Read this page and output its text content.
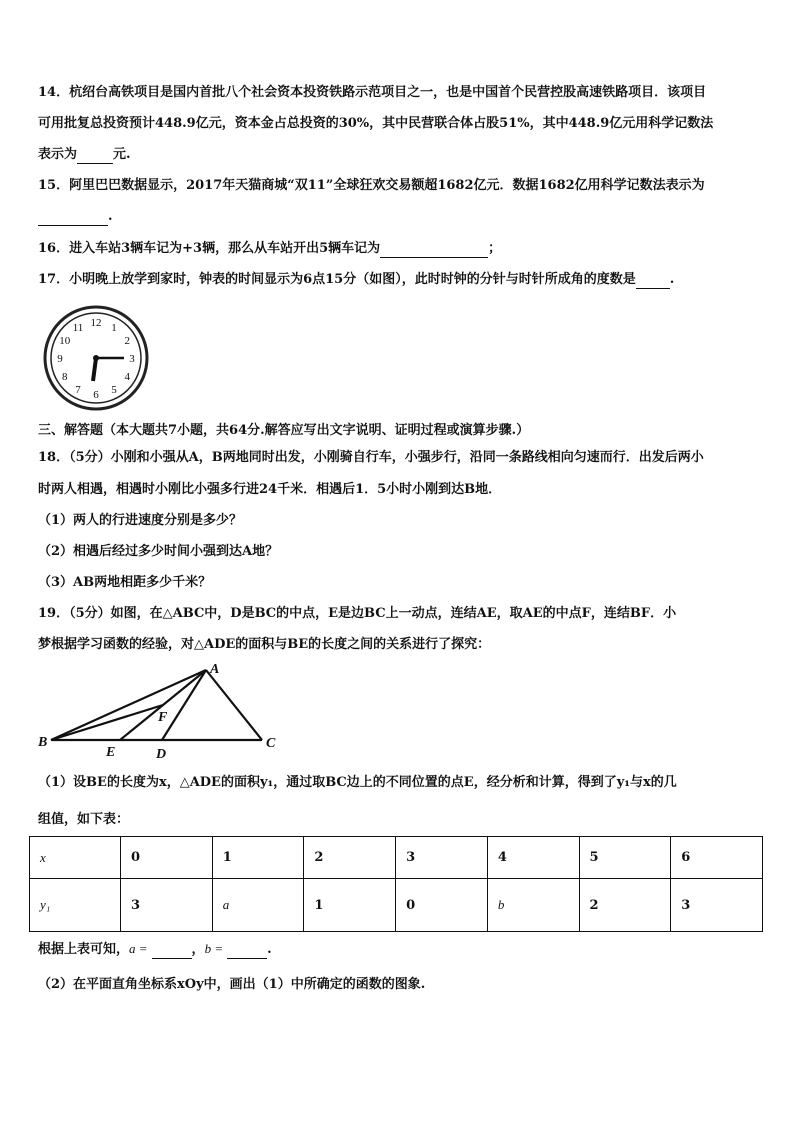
14．杭绍台高铁项目是国内首批八个社会资本投资铁路示范项目之一，也是中国首个民营控股高速铁路项目．该项目
可用批复总投资预计448.9亿元，资本金占总投资的30%，其中民营联合体占股51%，其中448.9亿元用科学记数法
表示为	元.
15．阿里巴巴数据显示，2017年天猫商城“双11”全球狂欢交易额超1682亿元．数据1682亿用科学记数法表示为
.
16．进入车站3辆车记为+3辆，那么从车站开出5辆车记为	；
17．小明晚上放学到家时，钟表的时间显示为6点15分（如图），此时时钟的分针与时针所成角的度数是	.
12 1
2
3
4
5
6
7
8
9
10
11
三、解答题（本大题共7小题，共64分.解答应写出文字说明、证明过程或演算步骤.）
18．（5分）小刚和小强从A，B两地同时出发，小刚骑自行车，小强步行，沿同一条路线相向匀速而行．出发后两小
时两人相遇，相遇时小刚比小强多行进24千米．相遇后1．5小时小刚到达B地．
（1）两人的行进速度分别是多少？
（2）相遇后经过多少时间小强到达A地？
（3）AB两地相距多少千米？
19．（5分）如图，在△ABC中，D是BC的中点，E是边BC上一动点，连结AE，取AE的中点F，连结BF．小
梦根据学习函数的经验，对△ADE的面积与BE的长度之间的关系进行了探究：
A
B	C
D
E
F
（1）设BE的长度为x，△ADE的面积y₁，通过取BC边上的不同位置的点E，经分析和计算，得到了y₁与x的几
组值，如下表：
x	0	1	2	3	4	5	6
y₁	3	a	1	0	b	2	3
根据上表可知，a =	，b =	.
（2）在平面直角坐标系xOy中，画出（1）中所确定的函数的图象.
